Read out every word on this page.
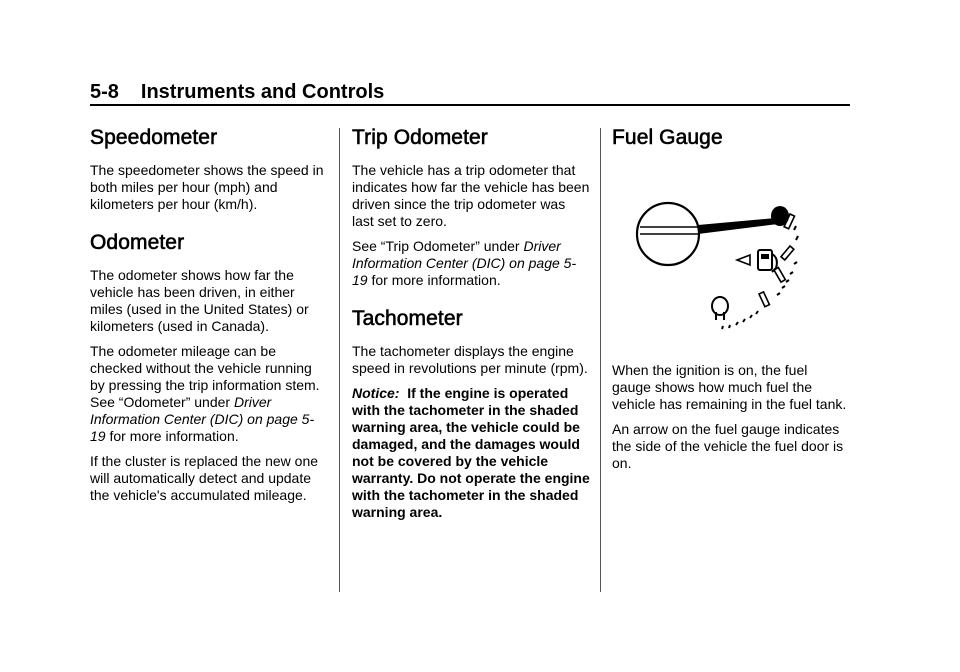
5-8 Instruments and Controls
Speedometer

The speedometer shows the speed in both miles per hour (mph) and kilometers per hour (km/h).

Odometer

The odometer shows how far the vehicle has been driven, in either miles (used in the United States) or kilometers (used in Canada).

The odometer mileage can be checked without the vehicle running by pressing the trip information stem. See “Odometer” under Driver Information Center (DIC) on page 5-19 for more information.

If the cluster is replaced the new one will automatically detect and update the vehicle's accumulated mileage.

Trip Odometer

The vehicle has a trip odometer that indicates how far the vehicle has been driven since the trip odometer was last set to zero.

See “Trip Odometer” under Driver Information Center (DIC) on page 5-19 for more information.

Tachometer

The tachometer displays the engine speed in revolutions per minute (rpm).

Notice: If the engine is operated with the tachometer in the shaded warning area, the vehicle could be damaged, and the damages would not be covered by the vehicle warranty. Do not operate the engine with the tachometer in the shaded warning area.

Fuel Gauge

When the ignition is on, the fuel gauge shows how much fuel the vehicle has remaining in the fuel tank.

An arrow on the fuel gauge indicates the side of the vehicle the fuel door is on.
